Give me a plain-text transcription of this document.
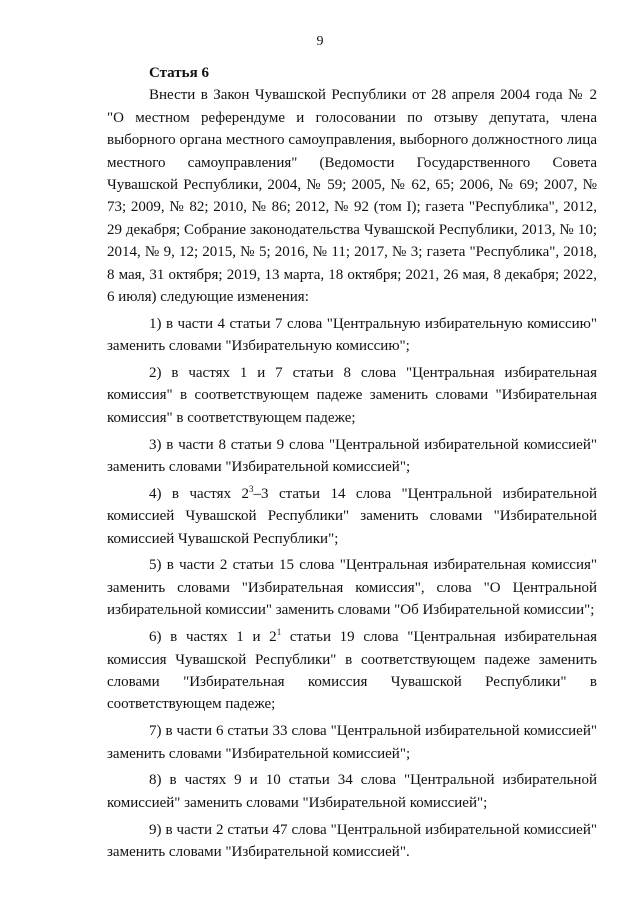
9

Статья 6

Внести в Закон Чувашской Республики от 28 апреля 2004 года № 2 "О местном референдуме и голосовании по отзыву депутата, члена выборного органа местного самоуправления, выборного должностного лица местного самоуправления" (Ведомости Государственного Совета Чувашской Республики, 2004, № 59; 2005, № 62, 65; 2006, № 69; 2007, № 73; 2009, № 82; 2010, № 86; 2012, № 92 (том I); газета "Республика", 2012, 29 декабря; Собрание законодательства Чувашской Республики, 2013, № 10; 2014, № 9, 12; 2015, № 5; 2016, № 11; 2017, № 3; газета "Республика", 2018, 8 мая, 31 октября; 2019, 13 марта, 18 октября; 2021, 26 мая, 8 декабря; 2022, 6 июля) следующие изменения:

1) в части 4 статьи 7 слова "Центральную избирательную комиссию" заменить словами "Избирательную комиссию";

2) в частях 1 и 7 статьи 8 слова "Центральная избирательная комиссия" в соответствующем падеже заменить словами "Избирательная комиссия" в соответствующем падеже;

3) в части 8 статьи 9 слова "Центральной избирательной комиссией" заменить словами "Избирательной комиссией";

4) в частях $2^3-3$ статьи 14 слова "Центральной избирательной комиссией Чувашской Республики" заменить словами "Избирательной комиссией Чувашской Республики";

5) в части 2 статьи 15 слова "Центральная избирательная комиссия" заменить словами "Избирательная комиссия", слова "О Центральной избирательной комиссии" заменить словами "Об Избирательной комиссии";

6) в частях 1 и $2^1$ статьи 19 слова "Центральная избирательная комиссия Чувашской Республики" в соответствующем падеже заменить словами "Избирательная комиссия Чувашской Республики" в соответствующем падеже;

7) в части 6 статьи 33 слова "Центральной избирательной комиссией" заменить словами "Избирательной комиссией";

8) в частях 9 и 10 статьи 34 слова "Центральной избирательной комиссией" заменить словами "Избирательной комиссией";

9) в части 2 статьи 47 слова "Центральной избирательной комиссией" заменить словами "Избирательной комиссией".
